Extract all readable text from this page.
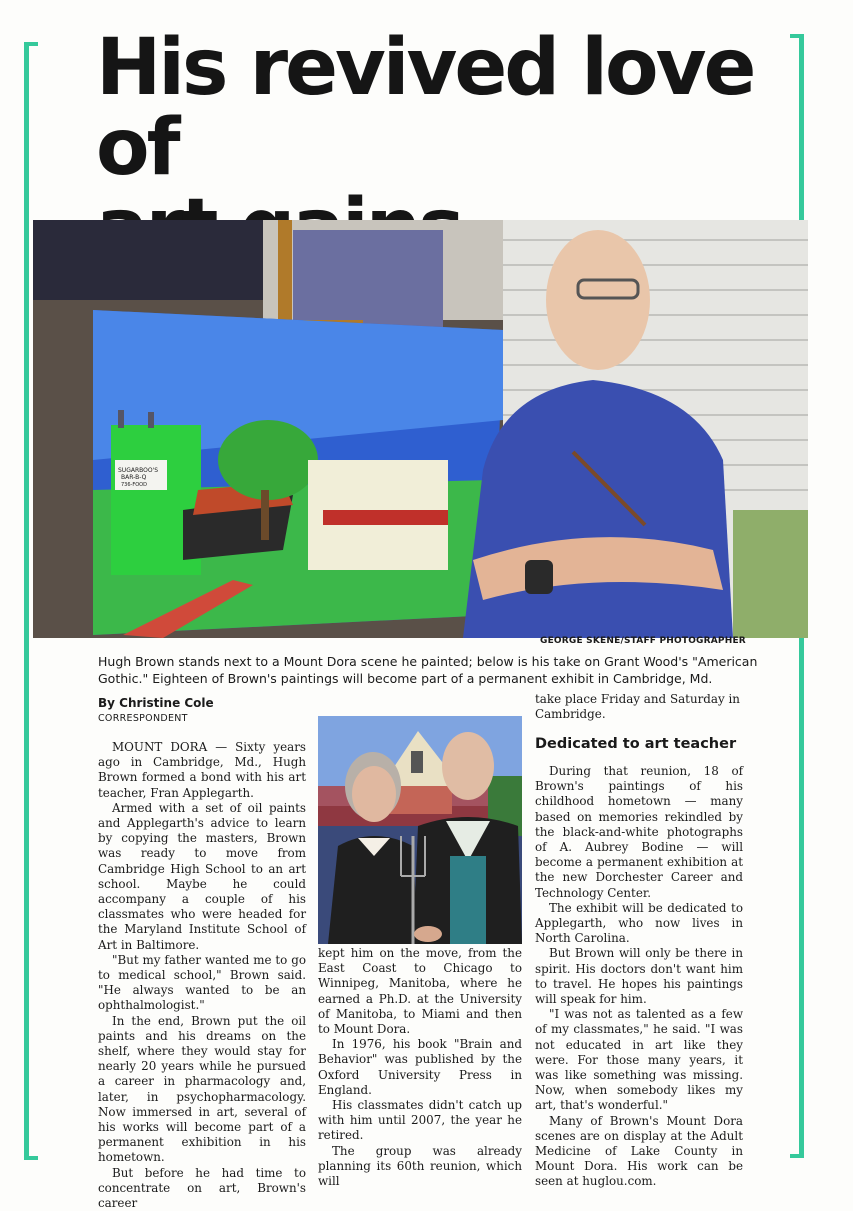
His revived love of
SUGARBOO'S
BAR-B-Q
736-FOOD
GEORGE SKENE/STAFF PHOTOGRAPHER
Hugh Brown stands next to a Mount Dora scene he painted; below is his take on Grant Wood's "American Gothic." Eighteen of Brown's paintings will become part of a permanent exhibit in Cambridge, Md.
By Christine Cole
CORRESPONDENT

MOUNT DORA — Sixty years ago in Cambridge, Md., Hugh Brown formed a bond with his art teacher, Fran Applegarth.

Armed with a set of oil paints and Applegarth's advice to learn by copying the masters, Brown was ready to move from Cambridge High School to an art school. Maybe he could accompany a couple of his classmates who were headed for the Maryland Institute School of Art in Baltimore.

"But my father wanted me to go to medical school," Brown said. "He always wanted to be an ophthalmologist."

In the end, Brown put the oil paints and his dreams on the shelf, where they would stay for nearly 20 years while he pursued a career in pharmacology and, later, in psychopharmacology. Now immersed in art, several of his works will become part of a permanent exhibition in his hometown.

But before he had time to concentrate on art, Brown's career

kept him on the move, from the East Coast to Chicago to Winnipeg, Manitoba, where he earned a Ph.D. at the University of Manitoba, to Miami and then to Mount Dora.

In 1976, his book "Brain and Behavior" was published by the Oxford University Press in England.

His classmates didn't catch up with him until 2007, the year he retired.

The group was already planning its 60th reunion, which will

take place Friday and Saturday in Cambridge.

Dedicated to art teacher

During that reunion, 18 of Brown's paintings of his childhood hometown — many based on memories rekindled by the black-and-white photographs of A. Aubrey Bodine — will become a permanent exhibition at the new Dorchester Career and Technology Center.

The exhibit will be dedicated to Applegarth, who now lives in North Carolina.

But Brown will only be there in spirit. His doctors don't want him to travel. He hopes his paintings will speak for him.

"I was not as talented as a few of my classmates," he said. "I was not educated in art like they were. For those many years, it was like something was missing. Now, when somebody likes my art, that's wonderful."

Many of Brown's Mount Dora scenes are on display at the Adult Medicine of Lake County in Mount Dora. His work can be seen at huglou.com.
